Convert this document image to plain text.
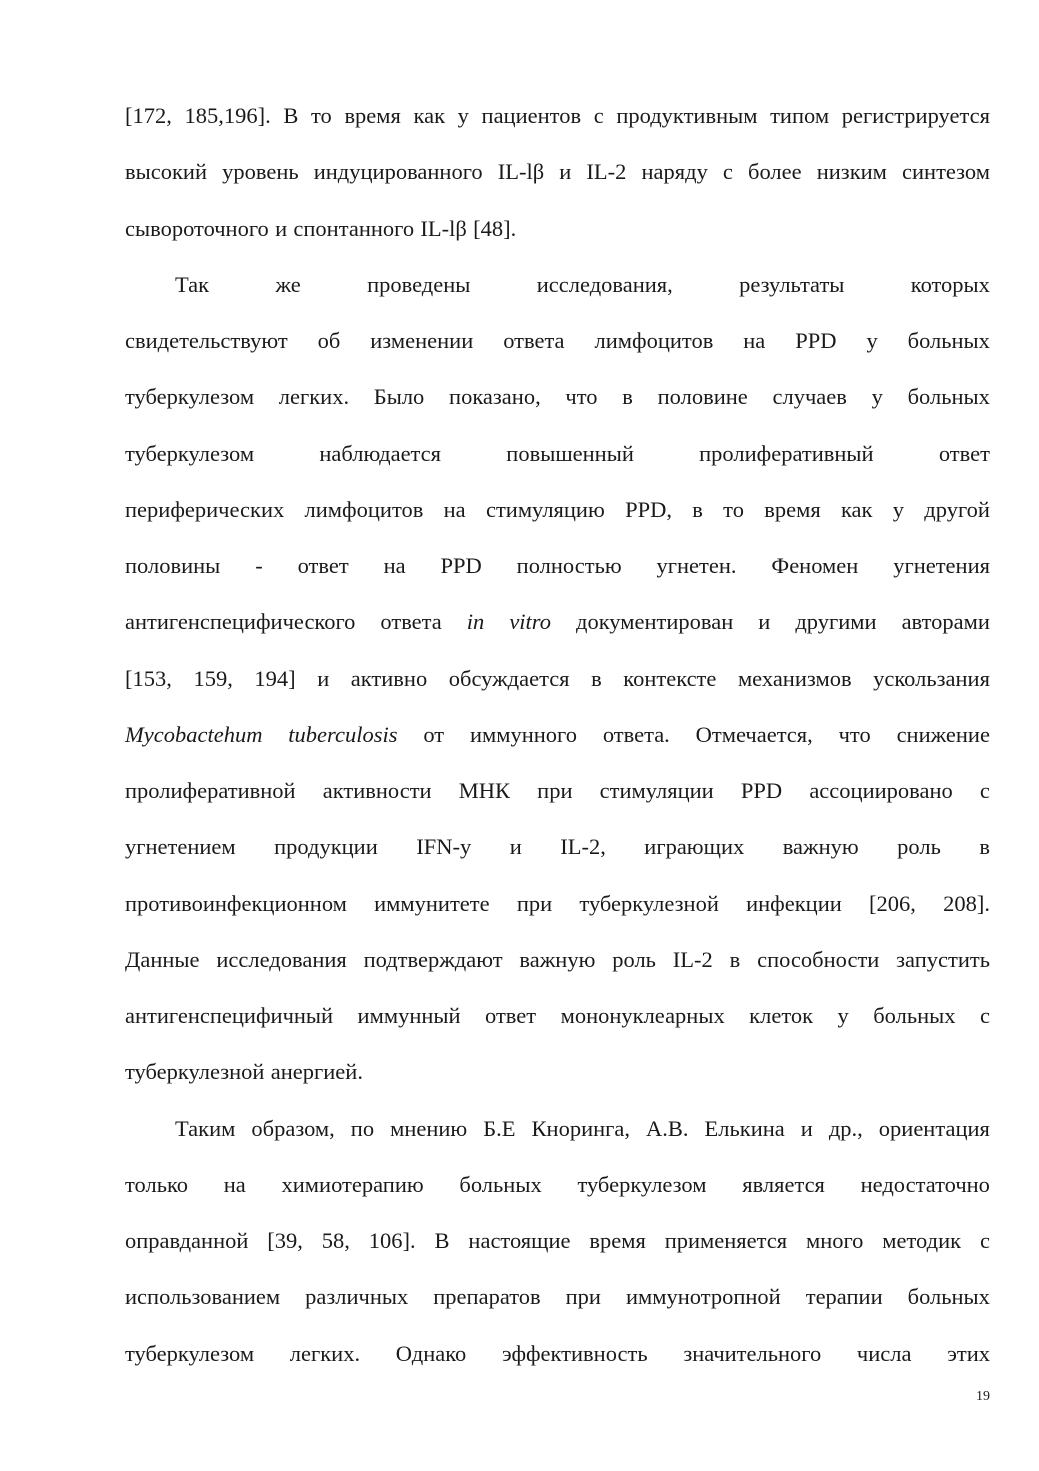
[172, 185,196]. В то время как у пациентов с продуктивным типом регистрируется
высокий уровень индуцированного IL-lβ и IL-2 наряду с более низким синтезом
сывороточного и спонтанного IL-lβ [48].
Так	же	проведены	исследования,	результаты	которых
свидетельствуют об изменении ответа лимфоцитов на PPD у больных
туберкулезом легких. Было показано, что в половине случаев у больных
туберкулезом	наблюдается	повышенный	пролиферативный	ответ
периферических лимфоцитов на стимуляцию PPD, в то время как у другой
половины - ответ на PPD полностью угнетен. Феномен угнетения
антигенспецифического ответа in vitro документирован и другими авторами
[153, 159, 194] и активно обсуждается в контексте механизмов ускользания
Mycobactehum tuberculosis от иммунного ответа. Отмечается, что снижение
пролиферативной активности МНК при стимуляции PPD ассоциировано с
угнетением продукции IFN-y и IL-2, играющих важную роль в
противоинфекционном иммунитете при туберкулезной инфекции [206, 208].
Данные исследования подтверждают важную роль IL-2 в способности запустить
антигенспецифичный иммунный ответ мононуклеарных клеток у больных с
туберкулезной анергией.
Таким образом, по мнению Б.Е Кноринга, А.В. Елькина и др., ориентация
только на химиотерапию больных туберкулезом является недостаточно
оправданной [39, 58, 106]. В настоящие время применяется много методик с
использованием различных препаратов при иммунотропной терапии больных
туберкулезом легких. Однако эффективность значительного числа этих
19
